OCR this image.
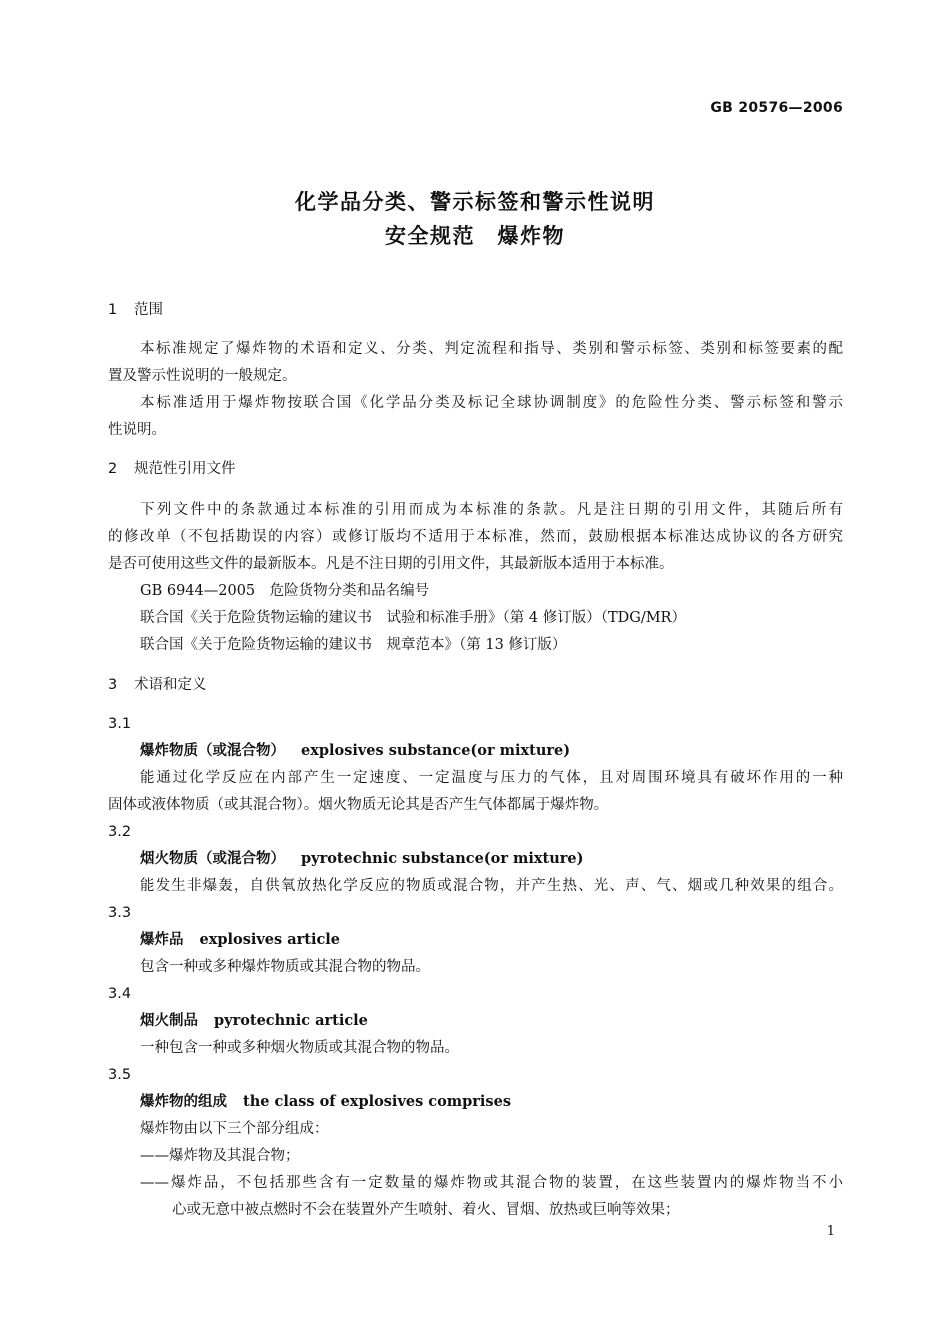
GB 20576—2006
化学品分类、警示标签和警示性说明
安全规范　爆炸物
1 范围
本标准规定了爆炸物的术语和定义、分类、判定流程和指导、类别和警示标签、类别和标签要素的配
置及警示性说明的一般规定。
本标准适用于爆炸物按联合国《化学品分类及标记全球协调制度》的危险性分类、警示标签和警示
性说明。
2 规范性引用文件
下列文件中的条款通过本标准的引用而成为本标准的条款。凡是注日期的引用文件，其随后所有
的修改单（不包括勘误的内容）或修订版均不适用于本标准，然而，鼓励根据本标准达成协议的各方研究
是否可使用这些文件的最新版本。凡是不注日期的引用文件，其最新版本适用于本标准。
GB 6944—2005　危险货物分类和品名编号
联合国《关于危险货物运输的建议书　试验和标准手册》（第 4 修订版）（TDG/MR）
联合国《关于危险货物运输的建议书　规章范本》（第 13 修订版）
3 术语和定义
3.1
爆炸物质（或混合物） explosives substance(or mixture)
能通过化学反应在内部产生一定速度、一定温度与压力的气体，且对周围环境具有破坏作用的一种
固体或液体物质（或其混合物）。烟火物质无论其是否产生气体都属于爆炸物。
3.2
烟火物质（或混合物） pyrotechnic substance(or mixture)
能发生非爆轰，自供氧放热化学反应的物质或混合物，并产生热、光、声、气、烟或几种效果的组合。
3.3
爆炸品 explosives article
包含一种或多种爆炸物质或其混合物的物品。
3.4
烟火制品 pyrotechnic article
一种包含一种或多种烟火物质或其混合物的物品。
3.5
爆炸物的组成 the class of explosives comprises
爆炸物由以下三个部分组成：
——爆炸物及其混合物；
——爆炸品，不包括那些含有一定数量的爆炸物或其混合物的装置，在这些装置内的爆炸物当不小
心或无意中被点燃时不会在装置外产生喷射、着火、冒烟、放热或巨响等效果；
1
